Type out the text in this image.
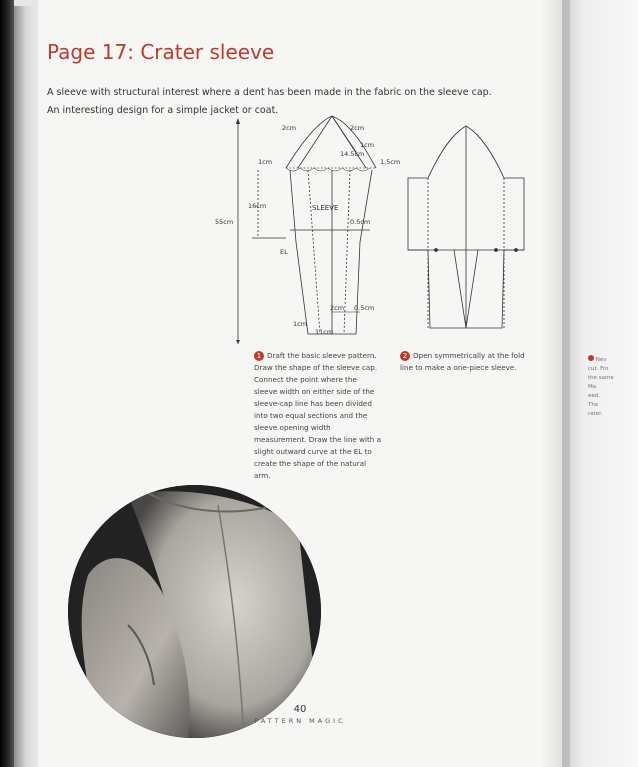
Page 17: Crater sleeve

A sleeve with structural interest where a dent has been made in the fabric on the sleeve cap.

An interesting design for a simple jacket or coat.

2cm	2cm
1cm
14.5cm
1cm	1.5cm
16cm
55cm
SLEEVE
EL
0.5cm
2cm 0.5cm
1cm
11cm
1 Draft the basic sleeve pattern. Draw the shape of the sleeve cap. Connect the point where the sleeve width on either side of the sleeve-cap line has been divided into two equal sections and the sleeve opening width measurement. Draw the line with a slight outward curve at the EL to create the shape of the natural arm.
2 Open symmetrically at the fold line to make a one-piece sleeve.
40
PATTERN MAGIC
Nev
cut. Fro
the same
Ma
eed.
The
rater.
